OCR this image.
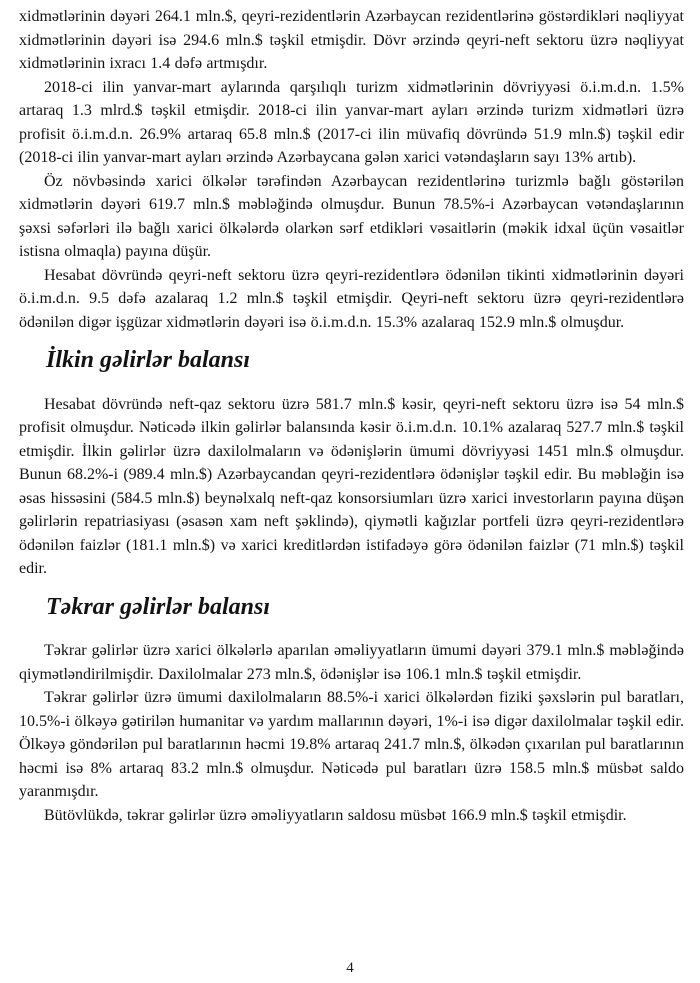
xidmətlərinin dəyəri 264.1 mln.$, qeyri-rezidentlərin Azərbaycan rezidentlərinə göstərdikləri nəqliyyat xidmətlərinin dəyəri isə 294.6 mln.$ təşkil etmişdir. Dövr ərzində qeyri-neft sektoru üzrə nəqliyyat xidmətlərinin ixracı 1.4 dəfə artmışdır.

2018-ci ilin yanvar-mart aylarında qarşılıqlı turizm xidmətlərinin dövriyyəsi ö.i.m.d.n. 1.5% artaraq 1.3 mlrd.$ təşkil etmişdir. 2018-ci ilin yanvar-mart ayları ərzində turizm xidmətləri üzrə profisit ö.i.m.d.n. 26.9% artaraq 65.8 mln.$ (2017-ci ilin müvafiq dövründə 51.9 mln.$) təşkil edir (2018-ci ilin yanvar-mart ayları ərzində Azərbaycana gələn xarici vətəndaşların sayı 13% artıb).

Öz növbəsində xarici ölkələr tərəfindən Azərbaycan rezidentlərinə turizmlə bağlı göstərilən xidmətlərin dəyəri 619.7 mln.$ məbləğində olmuşdur. Bunun 78.5%-i Azərbaycan vətəndaşlarının şəxsi səfərləri ilə bağlı xarici ölkələrdə olarkən sərf etdikləri vəsaitlərin (məkik idxal üçün vəsaitlər istisna olmaqla) payına düşür.

Hesabat dövründə qeyri-neft sektoru üzrə qeyri-rezidentlərə ödənilən tikinti xidmətlərinin dəyəri ö.i.m.d.n. 9.5 dəfə azalaraq 1.2 mln.$ təşkil etmişdir. Qeyri-neft sektoru üzrə qeyri-rezidentlərə ödənilən digər işgüzar xidmətlərin dəyəri isə ö.i.m.d.n. 15.3% azalaraq 152.9 mln.$ olmuşdur.

İlkin gəlirlər balansı

Hesabat dövründə neft-qaz sektoru üzrə 581.7 mln.$ kəsir, qeyri-neft sektoru üzrə isə 54 mln.$ profisit olmuşdur. Nəticədə ilkin gəlirlər balansında kəsir ö.i.m.d.n. 10.1% azalaraq 527.7 mln.$ təşkil etmişdir. İlkin gəlirlər üzrə daxilolmaların və ödənişlərin ümumi dövriyyəsi 1451 mln.$ olmuşdur. Bunun 68.2%-i (989.4 mln.$) Azərbaycandan qeyri-rezidentlərə ödənişlər təşkil edir. Bu məbləğin isə əsas hissəsini (584.5 mln.$) beynəlxalq neft-qaz konsorsiumları üzrə xarici investorların payına düşən gəlirlərin repatriasiyası (əsasən xam neft şəklində), qiymətli kağızlar portfeli üzrə qeyri-rezidentlərə ödənilən faizlər (181.1 mln.$) və xarici kreditlərdən istifadəyə görə ödənilən faizlər (71 mln.$) təşkil edir.

Təkrar gəlirlər balansı

Təkrar gəlirlər üzrə xarici ölkələrlə aparılan əməliyyatların ümumi dəyəri 379.1 mln.$ məbləğində qiymətləndirilmişdir. Daxilolmalar 273 mln.$, ödənişlər isə 106.1 mln.$ təşkil etmişdir.

Təkrar gəlirlər üzrə ümumi daxilolmaların 88.5%-i xarici ölkələrdən fiziki şəxslərin pul baratları, 10.5%-i ölkəyə gətirilən humanitar və yardım mallarının dəyəri, 1%-i isə digər daxilolmalar təşkil edir. Ölkəyə göndərilən pul baratlarının həcmi 19.8% artaraq 241.7 mln.$, ölkədən çıxarılan pul baratlarının həcmi isə 8% artaraq 83.2 mln.$ olmuşdur. Nəticədə pul baratları üzrə 158.5 mln.$ müsbət saldo yaranmışdır.

Bütövlükdə, təkrar gəlirlər üzrə əməliyyatların saldosu müsbət 166.9 mln.$ təşkil etmişdir.

4
